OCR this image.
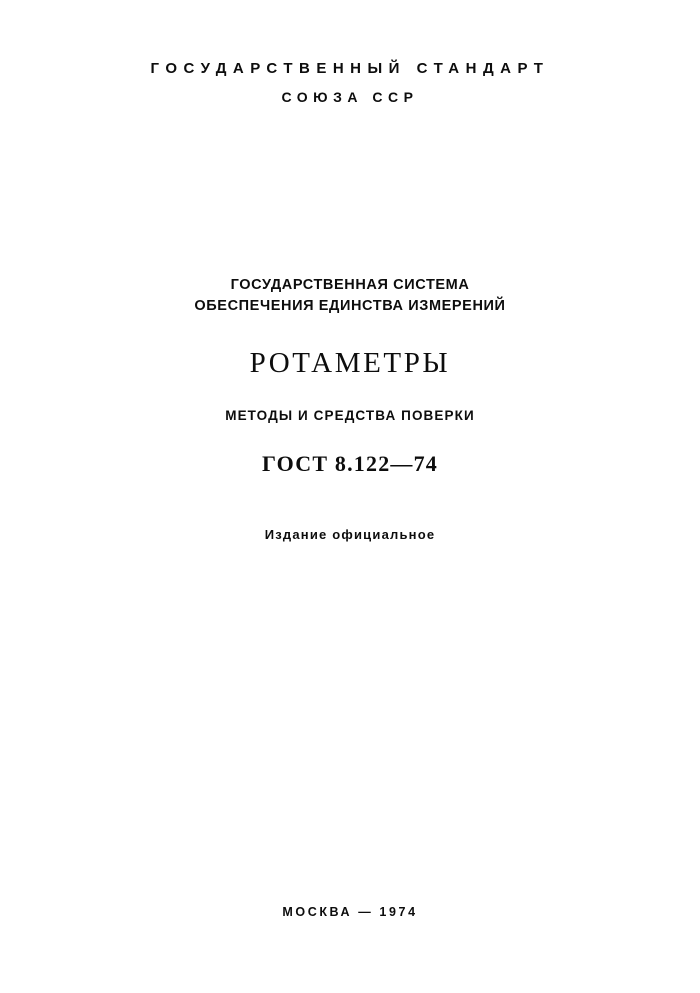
ГОСУДАРСТВЕННЫЙ СТАНДАРТ
СОЮЗА ССР
ГОСУДАРСТВЕННАЯ СИСТЕМА
ОБЕСПЕЧЕНИЯ ЕДИНСТВА ИЗМЕРЕНИЙ
РОТАМЕТРЫ
МЕТОДЫ И СРЕДСТВА ПОВЕРКИ
ГОСТ 8.122—74
Издание официальное
МОСКВА — 1974
